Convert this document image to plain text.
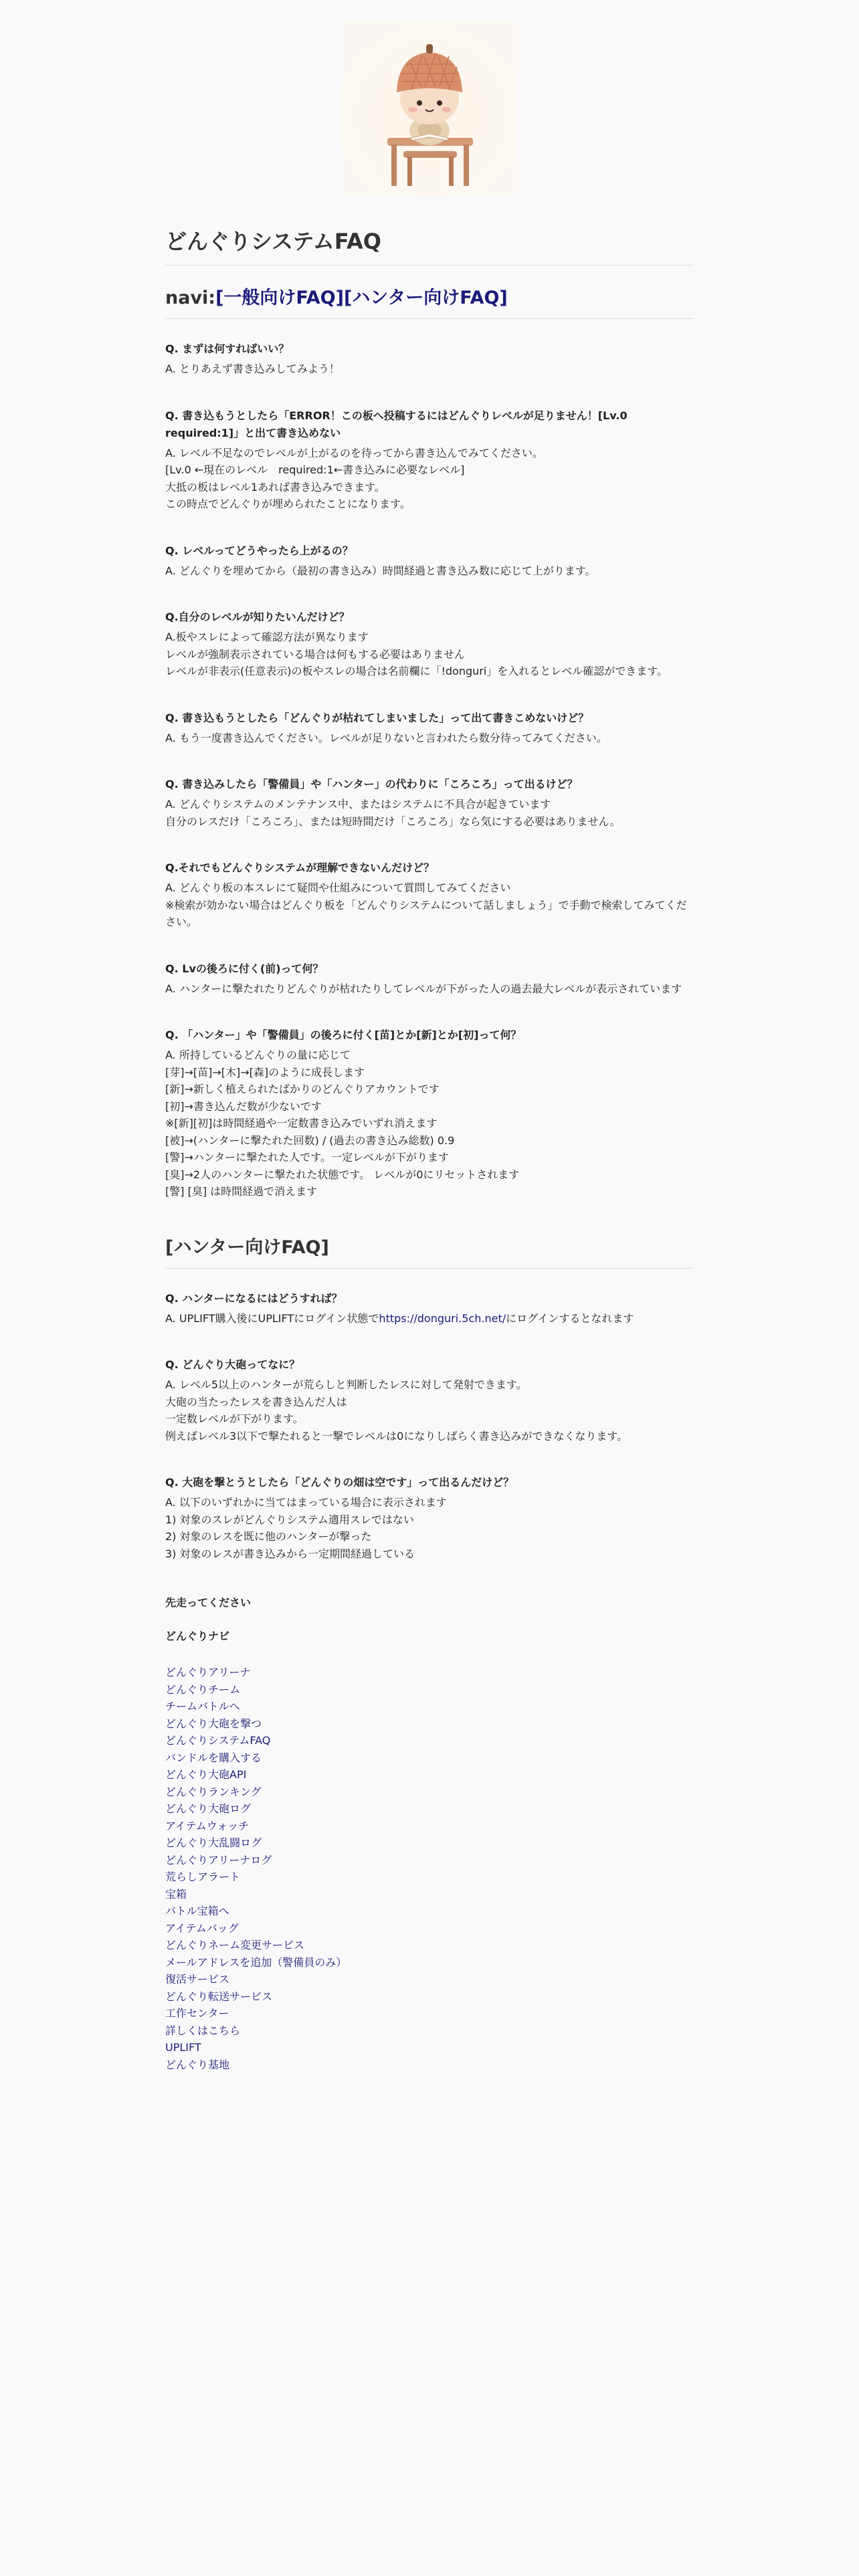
どんぐりシステムFAQ
navi:[一般向けFAQ][ハンター向けFAQ]

Q. まずは何すればいい？

A. とりあえず書き込みしてみよう！

Q. 書き込もうとしたら「ERROR！この板へ投稿するにはどんぐりレベルが足りません！[Lv.0 required:1]」と出て書き込めない

A. レベル不足なのでレベルが上がるのを待ってから書き込んでみてください。
[Lv.0 ←現在のレベル　required:1←書き込みに必要なレベル]
大抵の板はレベル1あれば書き込みできます。
この時点でどんぐりが埋められたことになります。

Q. レベルってどうやったら上がるの？

A. どんぐりを埋めてから（最初の書き込み）時間経過と書き込み数に応じて上がります。

Q.自分のレベルが知りたいんだけど？

A.板やスレによって確認方法が異なります
レベルが強制表示されている場合は何もする必要はありません
レベルが非表示(任意表示)の板やスレの場合は名前欄に「!donguri」を入れるとレベル確認ができます。

Q. 書き込もうとしたら「どんぐりが枯れてしまいました」って出て書きこめないけど？

A. もう一度書き込んでください。レベルが足りないと言われたら数分待ってみてください。

Q. 書き込みしたら「警備員」や「ハンター」の代わりに「ころころ」って出るけど？

A. どんぐりシステムのメンテナンス中、またはシステムに不具合が起きています
自分のレスだけ「ころころ」、または短時間だけ「ころころ」なら気にする必要はありません。

Q.それでもどんぐりシステムが理解できないんだけど？

A. どんぐり板の本スレにて疑問や仕組みについて質問してみてください
※検索が効かない場合はどんぐり板を「どんぐりシステムについて話しましょう」で手動で検索してみてください。

Q. Lvの後ろに付く(前)って何？

A. ハンターに撃たれたりどんぐりが枯れたりしてレベルが下がった人の過去最大レベルが表示されています

Q. 「ハンター」や「警備員」の後ろに付く[苗]とか[新]とか[初]って何？

A. 所持しているどんぐりの量に応じて
[芽]→[苗]→[木]→[森]のように成長します
[新]→新しく植えられたばかりのどんぐりアカウントです
[初]→書き込んだ数が少ないです
※[新][初]は時間経過や一定数書き込みでいずれ消えます
[被]→(ハンターに撃たれた回数) / (過去の書き込み総数) 0.9
[警]→ハンターに撃たれた人です。一定レベルが下がります
[臭]→2人のハンターに撃たれた状態です。 レベルが0にリセットされます
[警] [臭] は時間経過で消えます

[ハンター向けFAQ]

Q. ハンターになるにはどうすれば？

A. UPLIFT購入後にUPLIFTにログイン状態でhttps://donguri.5ch.net/にログインするとなれます

Q. どんぐり大砲ってなに？

A. レベル5以上のハンターが荒らしと判断したレスに対して発射できます。
大砲の当たったレスを書き込んだ人は
一定数レベルが下がります。
例えばレベル3以下で撃たれると一撃でレベルは0になりしばらく書き込みができなくなります。

Q. 大砲を撃とうとしたら「どんぐりの畑は空です」って出るんだけど？

A. 以下のいずれかに当てはまっている場合に表示されます
1) 対象のスレがどんぐりシステム適用スレではない
2) 対象のレスを既に他のハンターが撃った
3) 対象のレスが書き込みから一定期間経過している

先走ってください

どんぐりナビ

どんぐりアリーナ
どんぐりチーム
チームバトルへ
どんぐり大砲を撃つ
どんぐりシステムFAQ
バンドルを購入する
どんぐり大砲API
どんぐりランキング
どんぐり大砲ログ
アイテムウォッチ
どんぐり大乱闘ログ
どんぐりアリーナログ
荒らしアラート
宝箱
バトル宝箱へ
アイテムバッグ
どんぐりネーム変更サービス
メールアドレスを追加（警備員のみ）
復活サービス
どんぐり転送サービス
工作センター
詳しくはこちら
UPLIFT
どんぐり基地
